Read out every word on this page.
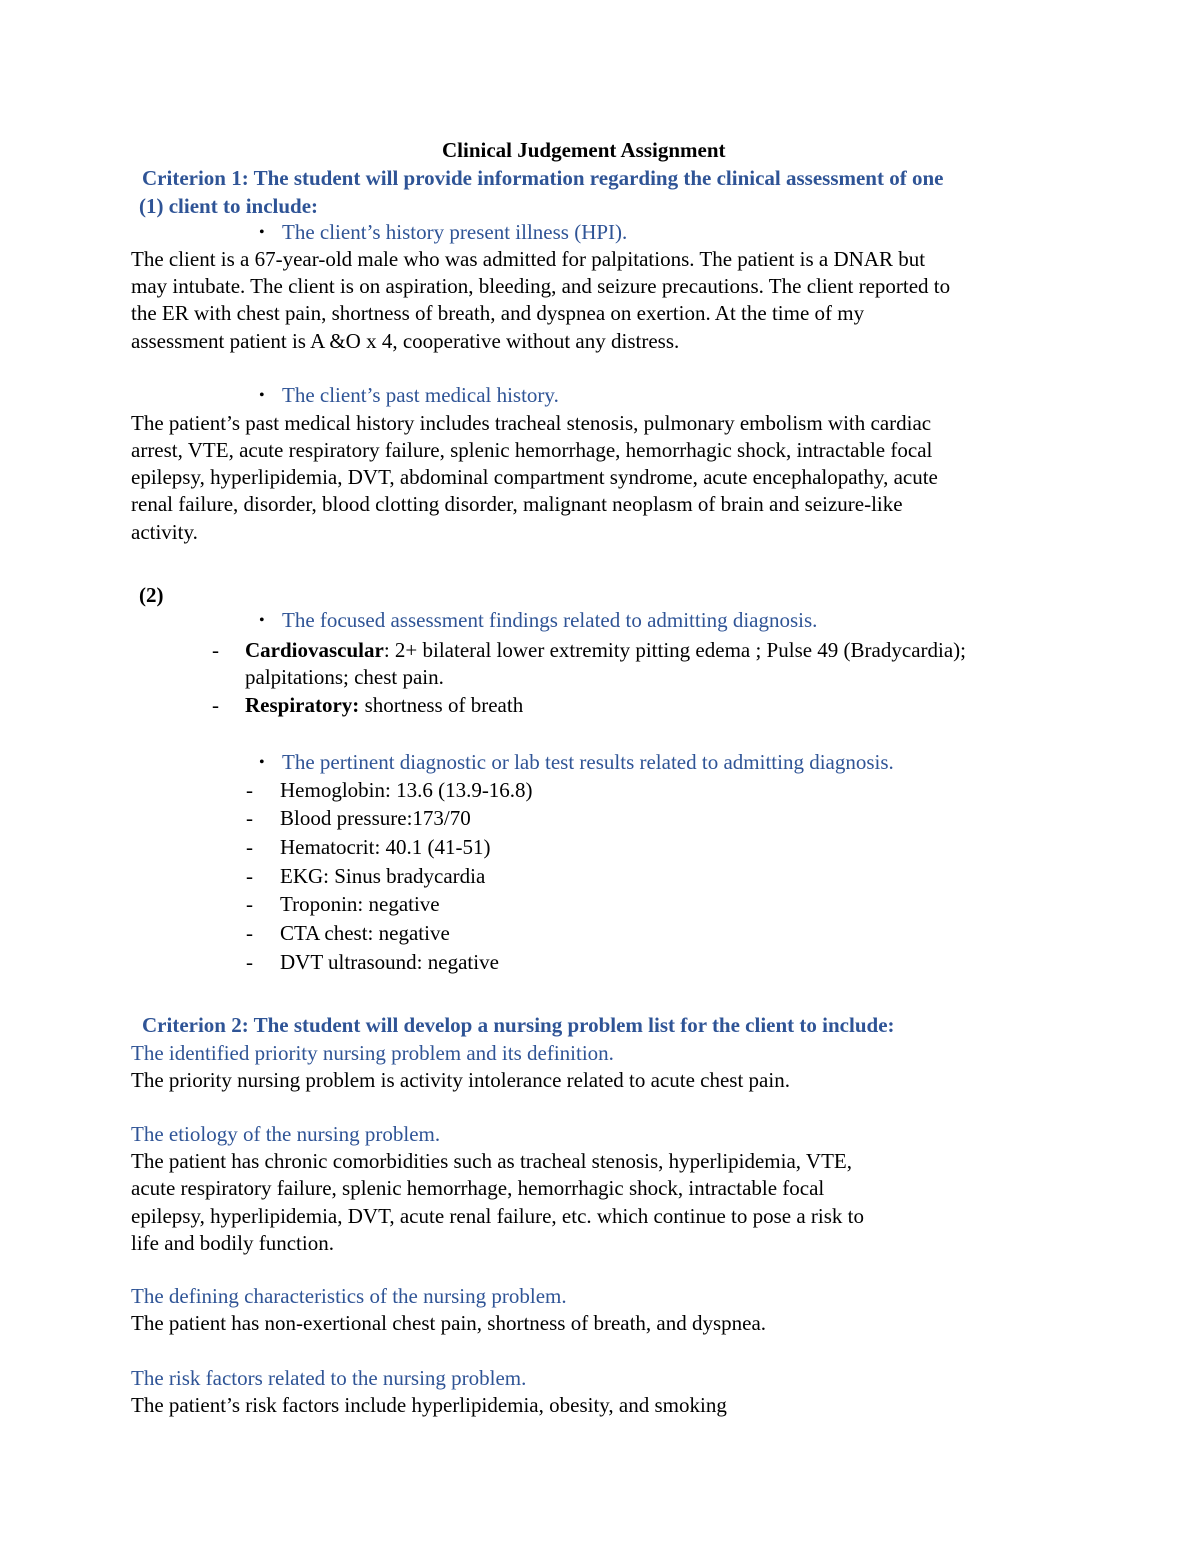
Clinical Judgement Assignment
Criterion 1: The student will provide information regarding the clinical assessment of one
(1) client to include:
• The client’s history present illness (HPI).
The client is a 67-year-old male who was admitted for palpitations. The patient is a DNAR but
may intubate. The client is on aspiration, bleeding, and seizure precautions. The client reported to
the ER with chest pain, shortness of breath, and dyspnea on exertion. At the time of my
assessment patient is A &O x 4, cooperative without any distress.
• The client’s past medical history.
The patient’s past medical history includes tracheal stenosis, pulmonary embolism with cardiac
arrest, VTE, acute respiratory failure, splenic hemorrhage, hemorrhagic shock, intractable focal
epilepsy, hyperlipidemia, DVT, abdominal compartment syndrome, acute encephalopathy, acute
renal failure, disorder, blood clotting disorder, malignant neoplasm of brain and seizure-like
activity.
(2)
• The focused assessment findings related to admitting diagnosis.
- Cardiovascular: 2+ bilateral lower extremity pitting edema ; Pulse 49 (Bradycardia);
palpitations; chest pain.
- Respiratory: shortness of breath
• The pertinent diagnostic or lab test results related to admitting diagnosis.
- Hemoglobin: 13.6 (13.9-16.8)
- Blood pressure:173/70
- Hematocrit: 40.1 (41-51)
- EKG: Sinus bradycardia
- Troponin: negative
- CTA chest: negative
- DVT ultrasound: negative
Criterion 2: The student will develop a nursing problem list for the client to include:
The identified priority nursing problem and its definition.
The priority nursing problem is activity intolerance related to acute chest pain.
The etiology of the nursing problem.
The patient has chronic comorbidities such as tracheal stenosis, hyperlipidemia, VTE,
acute respiratory failure, splenic hemorrhage, hemorrhagic shock, intractable focal
epilepsy, hyperlipidemia, DVT, acute renal failure, etc. which continue to pose a risk to
life and bodily function.
The defining characteristics of the nursing problem.
The patient has non-exertional chest pain, shortness of breath, and dyspnea.
The risk factors related to the nursing problem.
The patient’s risk factors include hyperlipidemia, obesity, and smoking
